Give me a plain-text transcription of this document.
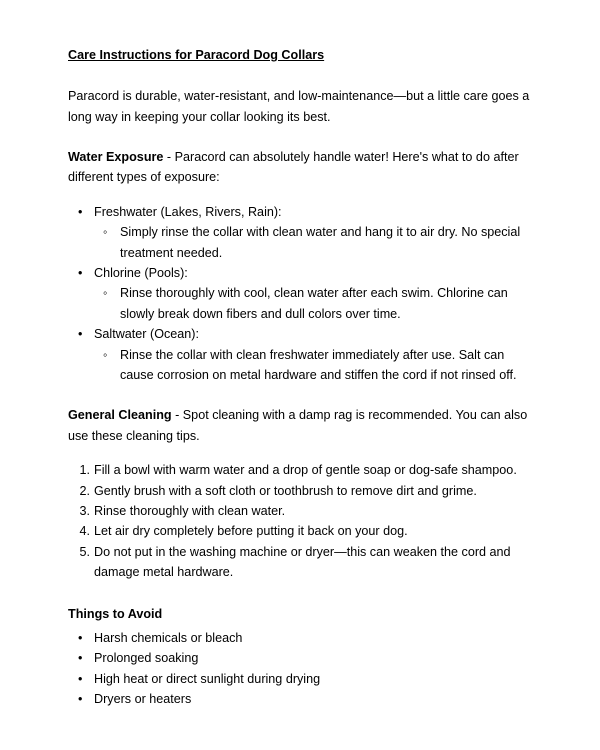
Care Instructions for Paracord Dog Collars

Paracord is durable, water-resistant, and low-maintenance—but a little care goes a long way in keeping your collar looking its best.

Water Exposure - Paracord can absolutely handle water! Here's what to do after different types of exposure:

• Freshwater (Lakes, Rivers, Rain):
◦ Simply rinse the collar with clean water and hang it to air dry. No special treatment needed.
• Chlorine (Pools):
◦ Rinse thoroughly with cool, clean water after each swim. Chlorine can slowly break down fibers and dull colors over time.
• Saltwater (Ocean):
◦ Rinse the collar with clean freshwater immediately after use. Salt can cause corrosion on metal hardware and stiffen the cord if not rinsed off.

General Cleaning - Spot cleaning with a damp rag is recommended. You can also use these cleaning tips.

Fill a bowl with warm water and a drop of gentle soap or dog-safe shampoo.
Gently brush with a soft cloth or toothbrush to remove dirt and grime.
Rinse thoroughly with clean water.
Let air dry completely before putting it back on your dog.
Do not put in the washing machine or dryer—this can weaken the cord and damage metal hardware.
Things to Avoid
• Harsh chemicals or bleach
• Prolonged soaking
• High heat or direct sunlight during drying
• Dryers or heaters
